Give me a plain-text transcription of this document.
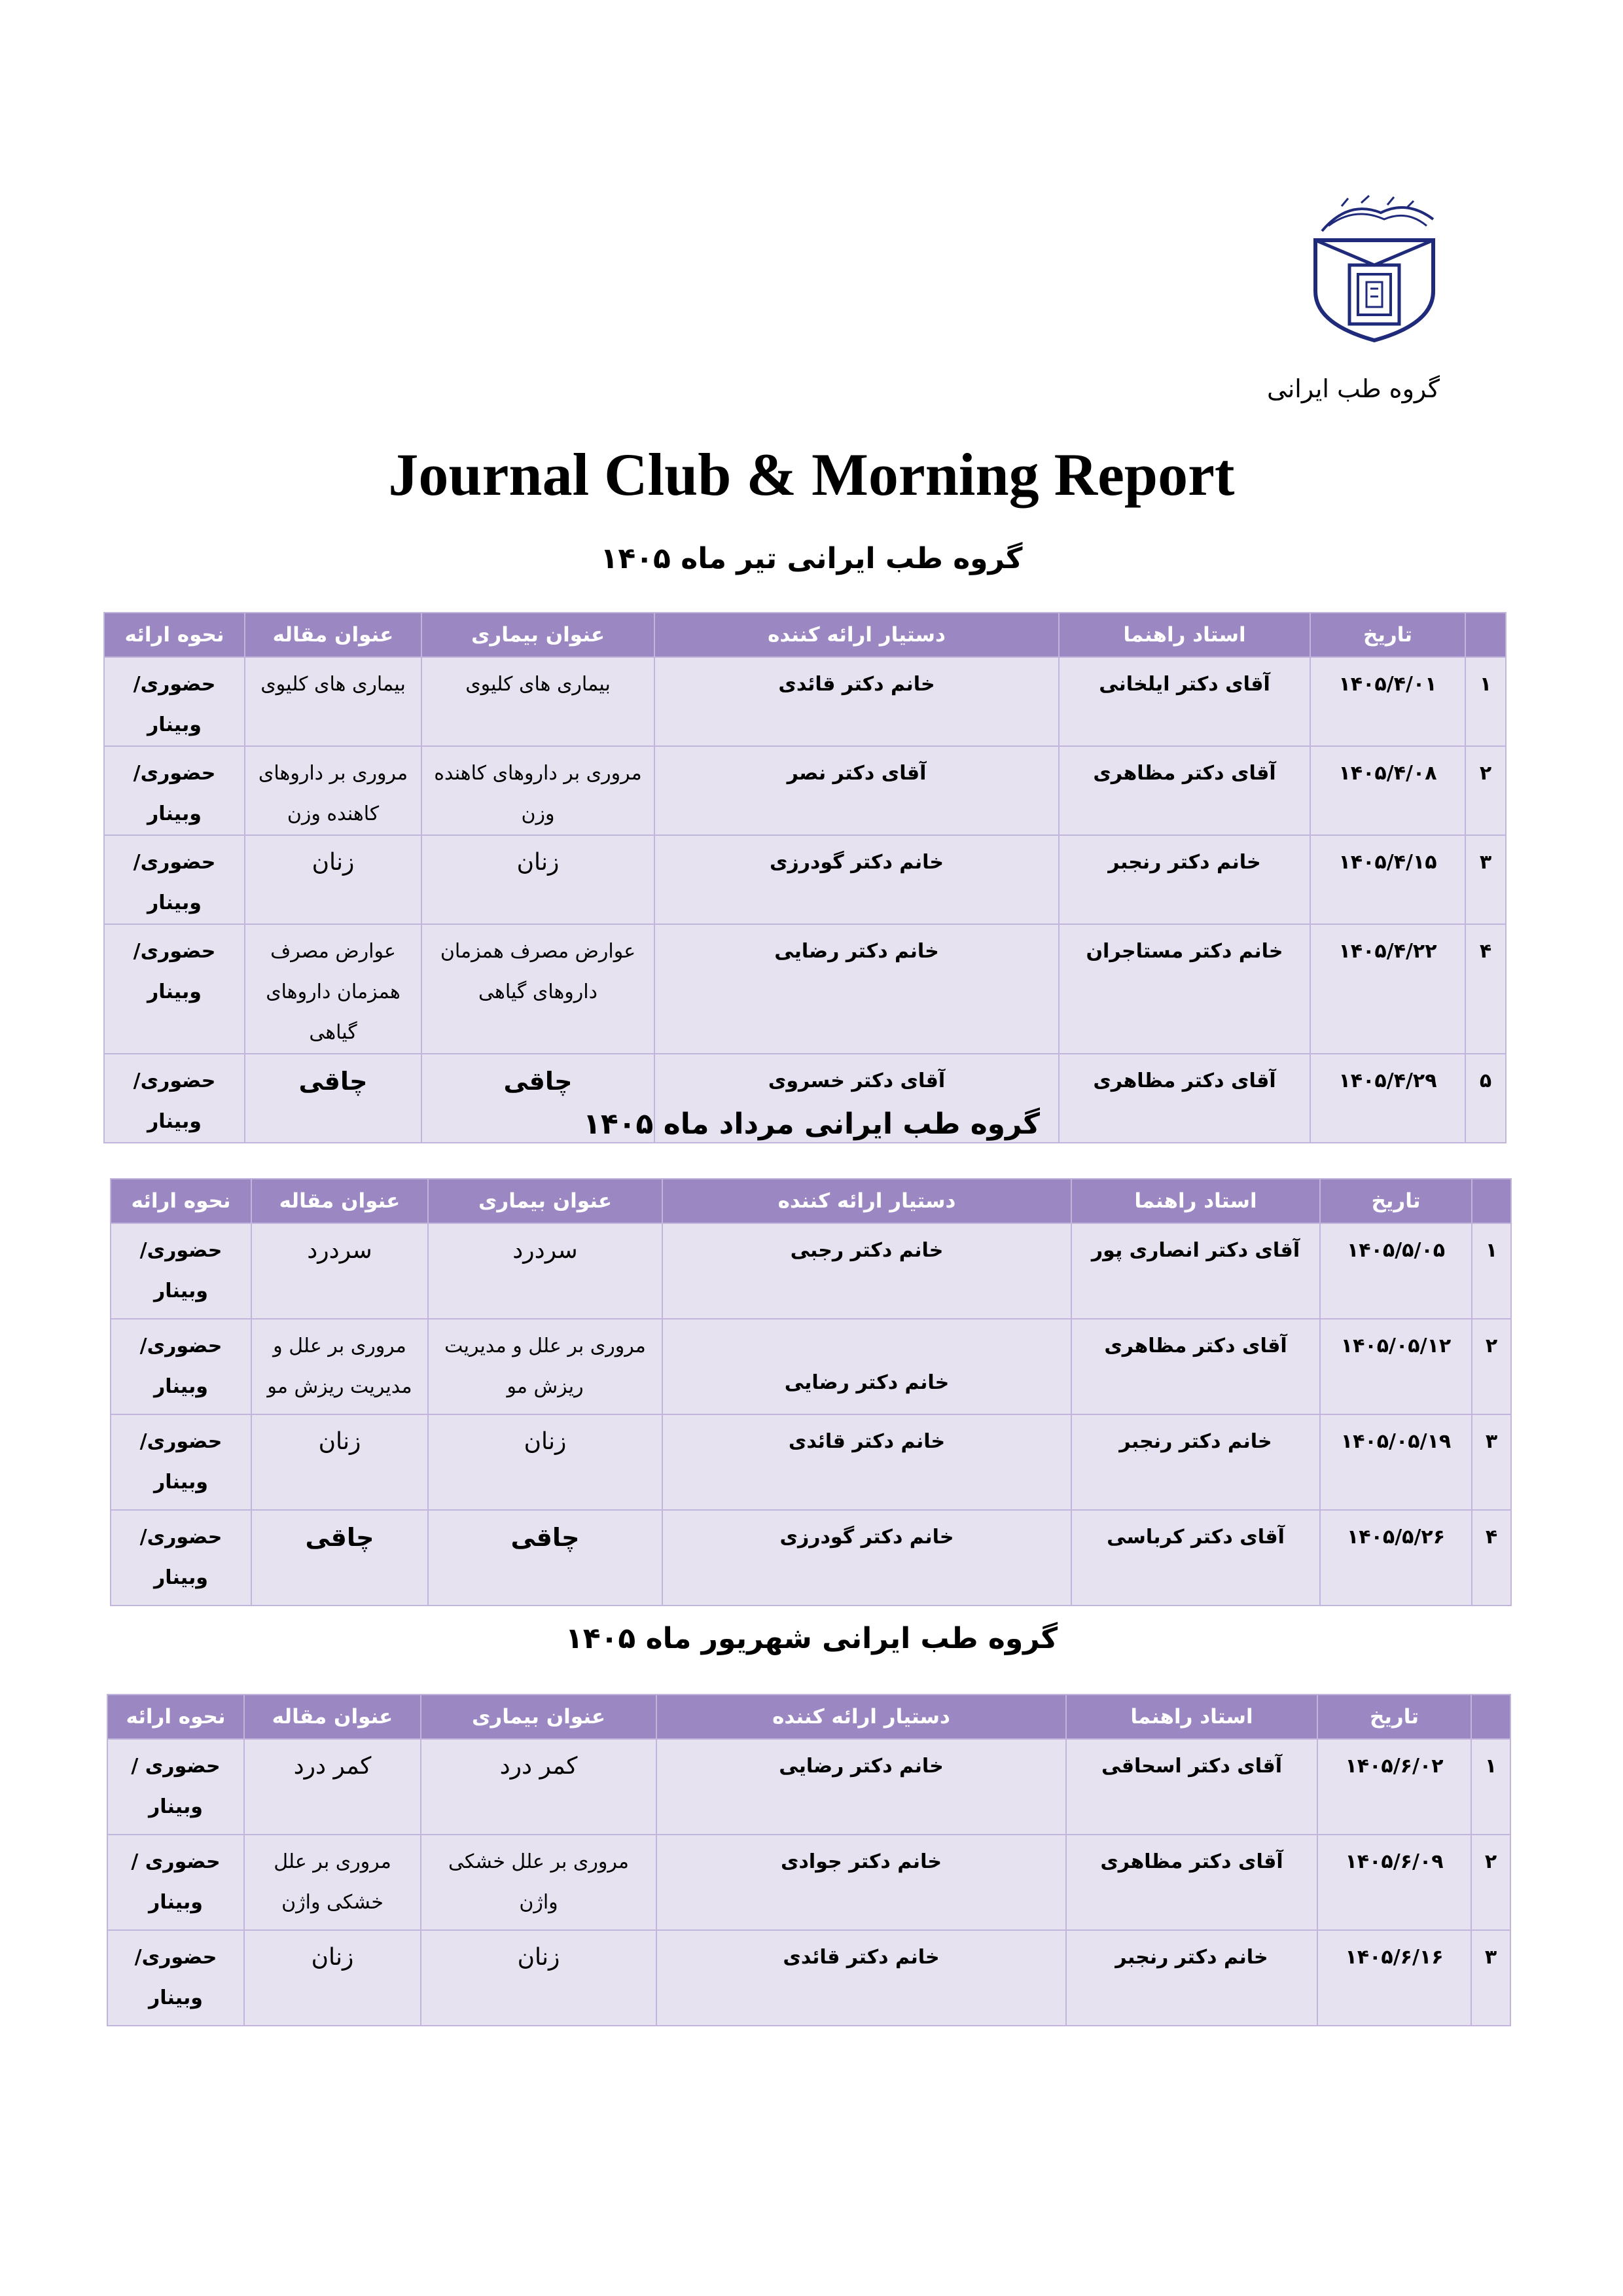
گروه طب ایرانی
Journal Club & Morning Report
گروه طب ایرانی تیر ماه ۱۴۰۵
	تاریخ	استاد راهنما	دستیار ارائه کننده	عنوان بیماری	عنوان مقاله	نحوه ارائه
۱	۱۴۰۵/۴/۰۱	آقای دکتر ایلخانی	خانم دکتر قائدی	بیماری های کلیوی	بیماری های کلیوی	حضوری/
وبینار

۲	۱۴۰۵/۴/۰۸	آقای دکتر مظاهری	آقای دکتر نصر	مروری بر داروهای کاهنده وزن	مروری بر داروهای کاهنده وزن	حضوری/
وبینار

۳	۱۴۰۵/۴/۱۵	خانم دکتر رنجبر	خانم دکتر گودرزی	زنان	زنان	حضوری/
وبینار

۴	۱۴۰۵/۴/۲۲	خانم دکتر مستاجران	خانم دکتر رضایی	عوارض مصرف همزمان داروهای گیاهی	عوارض مصرف همزمان داروهای گیاهی	حضوری/
وبینار

۵	۱۴۰۵/۴/۲۹	آقای دکتر مظاهری	آقای دکتر خسروی	چاقی	چاقی	حضوری/
وبینار	گروه طب ایرانی مرداد ماه ۱۴۰۵
	تاریخ	استاد راهنما	دستیار ارائه کننده	عنوان بیماری	عنوان مقاله	نحوه ارائه
۱	۱۴۰۵/۵/۰۵	آقای دکتر انصاری پور	خانم دکتر رجبی	سردرد	سردرد	حضوری/
وبینار

۲	۱۴۰۵/۰۵/۱۲	آقای دکتر مظاهری	خانم دکتر رضایی	مروری بر علل و مدیریت ریزش مو	مروری بر علل و مدیریت ریزش مو	حضوری/
وبینار

۳	۱۴۰۵/۰۵/۱۹	خانم دکتر رنجبر	خانم دکتر قائدی	زنان	زنان	حضوری/
وبینار

۴	۱۴۰۵/۵/۲۶	آقای دکتر کرباسی	خانم دکتر گودرزی	چاقی	چاقی	حضوری/
وبینار
گروه طب ایرانی شهریور ماه ۱۴۰۵
	تاریخ	استاد راهنما	دستیار ارائه کننده	عنوان بیماری	عنوان مقاله	نحوه ارائه
۱	۱۴۰۵/۶/۰۲	آقای دکتر اسحاقی	خانم دکتر رضایی	کمر درد	کمر درد	حضوری /
وبینار

۲	۱۴۰۵/۶/۰۹	آقای دکتر مظاهری	خانم دکتر جوادی	مروری بر علل خشکی واژن	مروری بر علل خشکی واژن	حضوری /
وبینار

۳	۱۴۰۵/۶/۱۶	خانم دکتر رنجبر	خانم دکتر قائدی	زنان	زنان	حضوری/
وبینار
